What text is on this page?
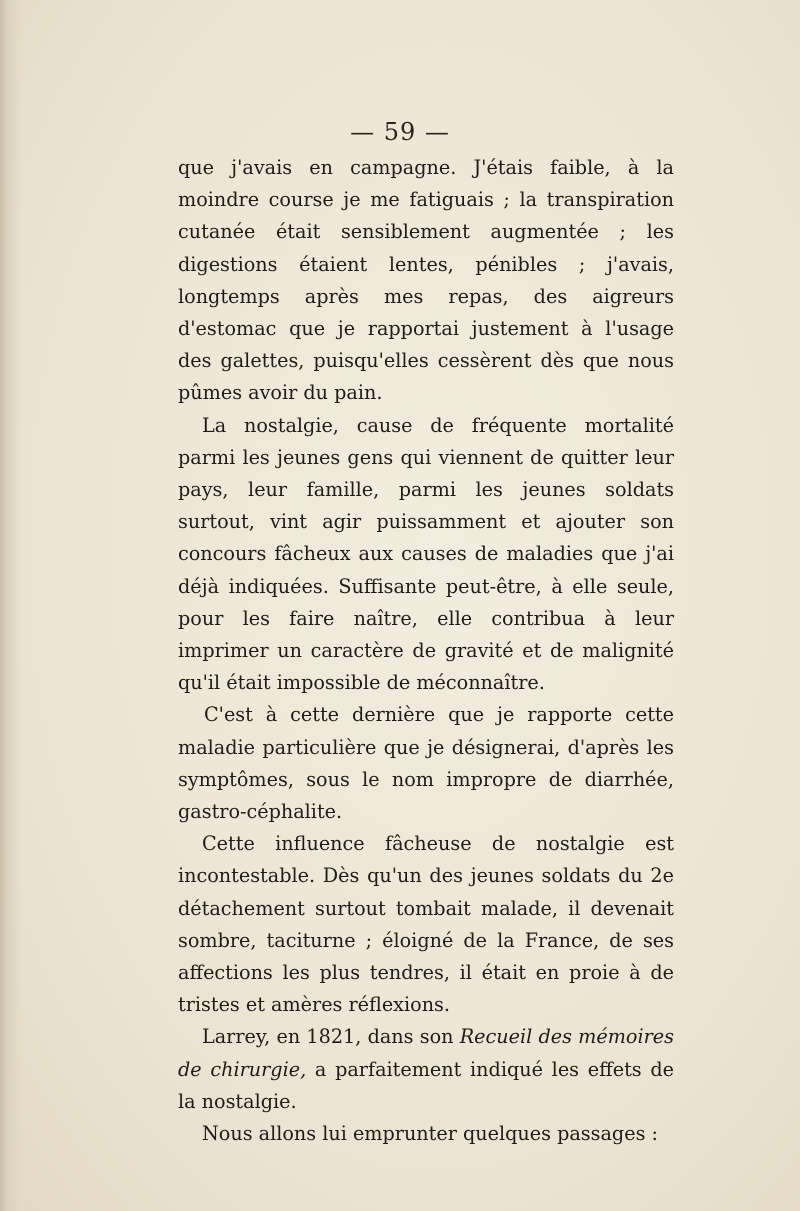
— 59 —

que j'avais en campagne. J'étais faible, à la moindre course je me fatiguais ; la transpiration cutanée était sensiblement augmentée ; les digestions étaient lentes, pénibles ; j'avais, longtemps après mes repas, des aigreurs d'estomac que je rapportai justement à l'usage des galettes, puisqu'elles cessèrent dès que nous pûmes avoir du pain.

La nostalgie, cause de fréquente mortalité parmi les jeunes gens qui viennent de quitter leur pays, leur famille, parmi les jeunes soldats surtout, vint agir puissamment et ajouter son concours fâcheux aux causes de maladies que j'ai déjà indiquées. Suffisante peut-être, à elle seule, pour les faire naître, elle contribua à leur imprimer un caractère de gravité et de malignité qu'il était impossible de méconnaître.

C'est à cette dernière que je rapporte cette maladie particulière que je désignerai, d'après les symptômes, sous le nom impropre de diarrhée, gastro-céphalite.

Cette influence fâcheuse de nostalgie est incontestable. Dès qu'un des jeunes soldats du 2e détachement surtout tombait malade, il devenait sombre, taciturne ; éloigné de la France, de ses affections les plus tendres, il était en proie à de tristes et amères réflexions.

Larrey, en 1821, dans son Recueil des mémoires de chirurgie, a parfaitement indiqué les effets de la nostalgie.

Nous allons lui emprunter quelques passages :
